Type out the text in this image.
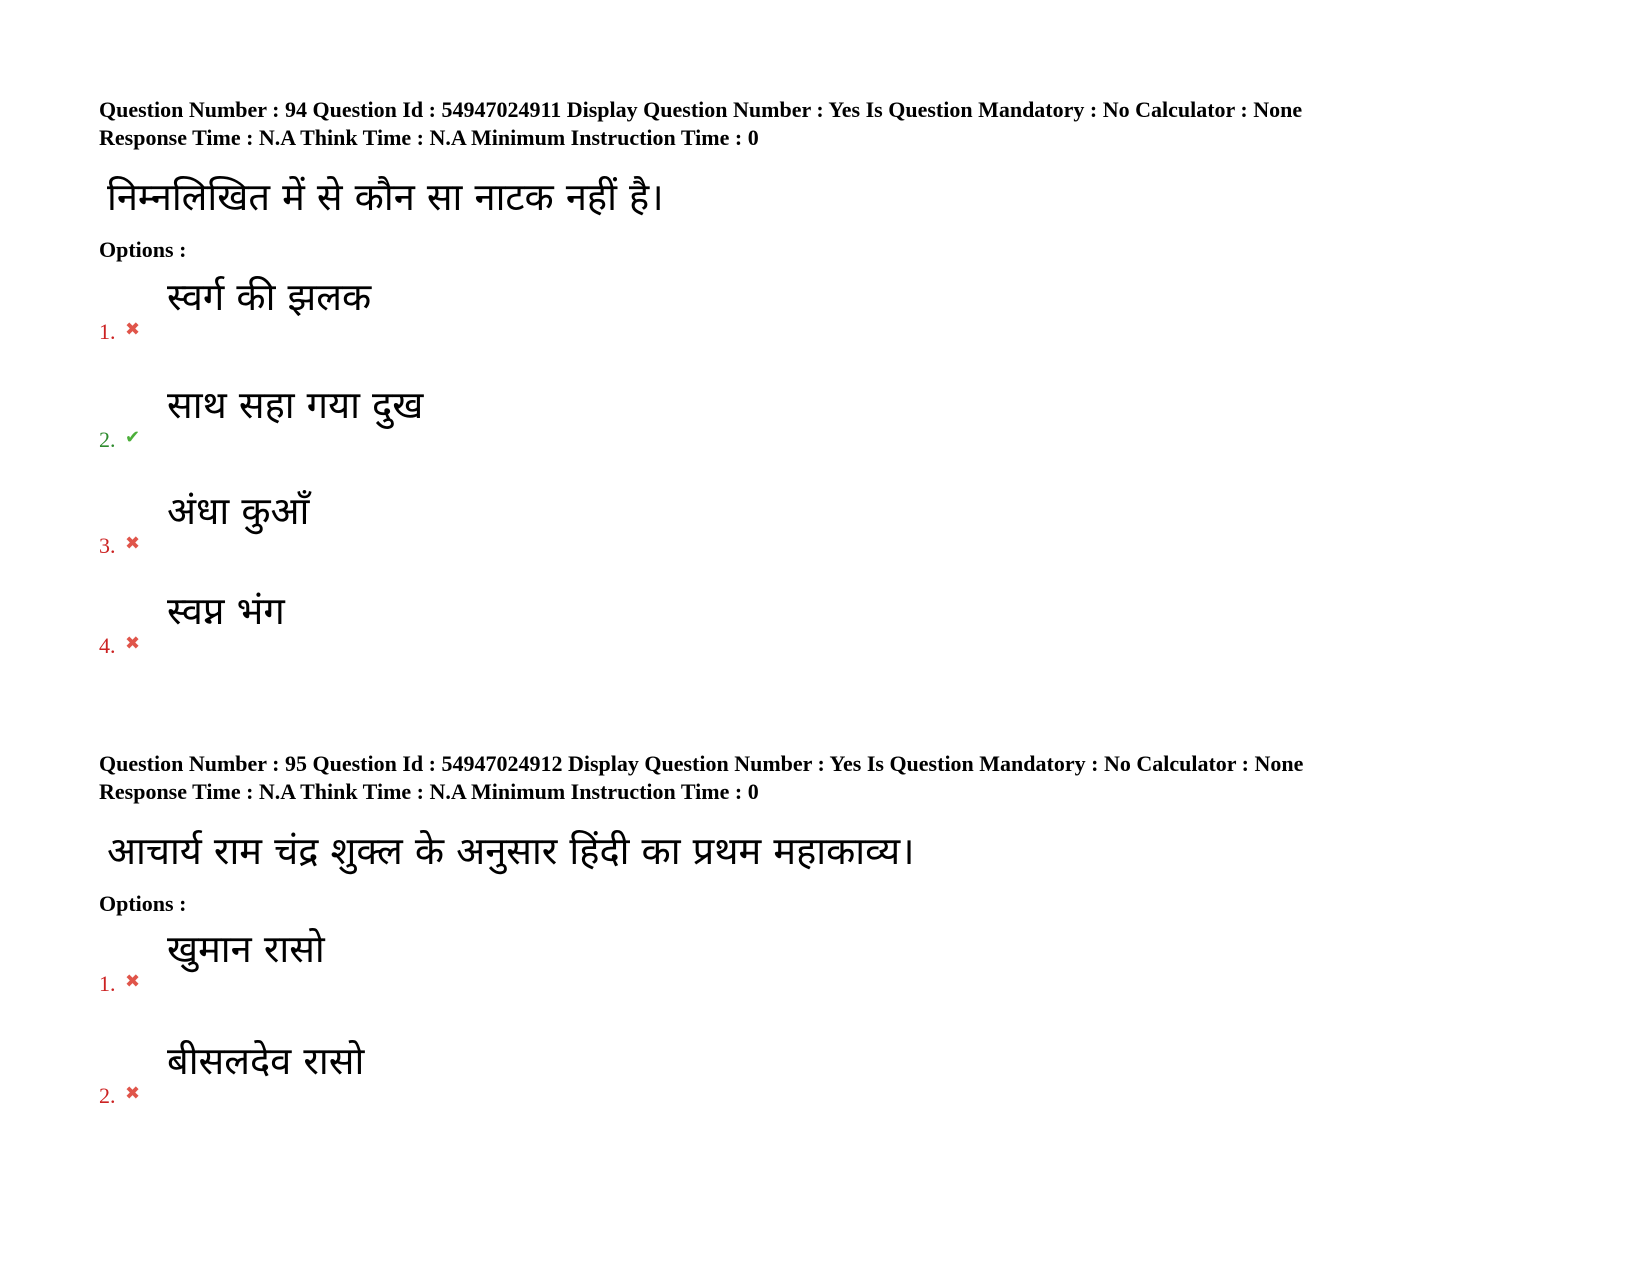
Question Number : 94 Question Id : 54947024911 Display Question Number : Yes Is Question Mandatory : No Calculator : None
Response Time : N.A Think Time : N.A Minimum Instruction Time : 0
निम्नलिखित में से कौन सा नाटक नहीं है।
Options :
1. ✖
स्वर्ग की झलक
2. ✔
साथ सहा गया दुख
3. ✖
अंधा कुआँ
4. ✖
स्वप्न भंग
Question Number : 95 Question Id : 54947024912 Display Question Number : Yes Is Question Mandatory : No Calculator : None
Response Time : N.A Think Time : N.A Minimum Instruction Time : 0
आचार्य राम चंद्र शुक्ल के अनुसार हिंदी का प्रथम महाकाव्य।
Options :
1. ✖
खुमान रासो
2. ✖
बीसलदेव रासो
